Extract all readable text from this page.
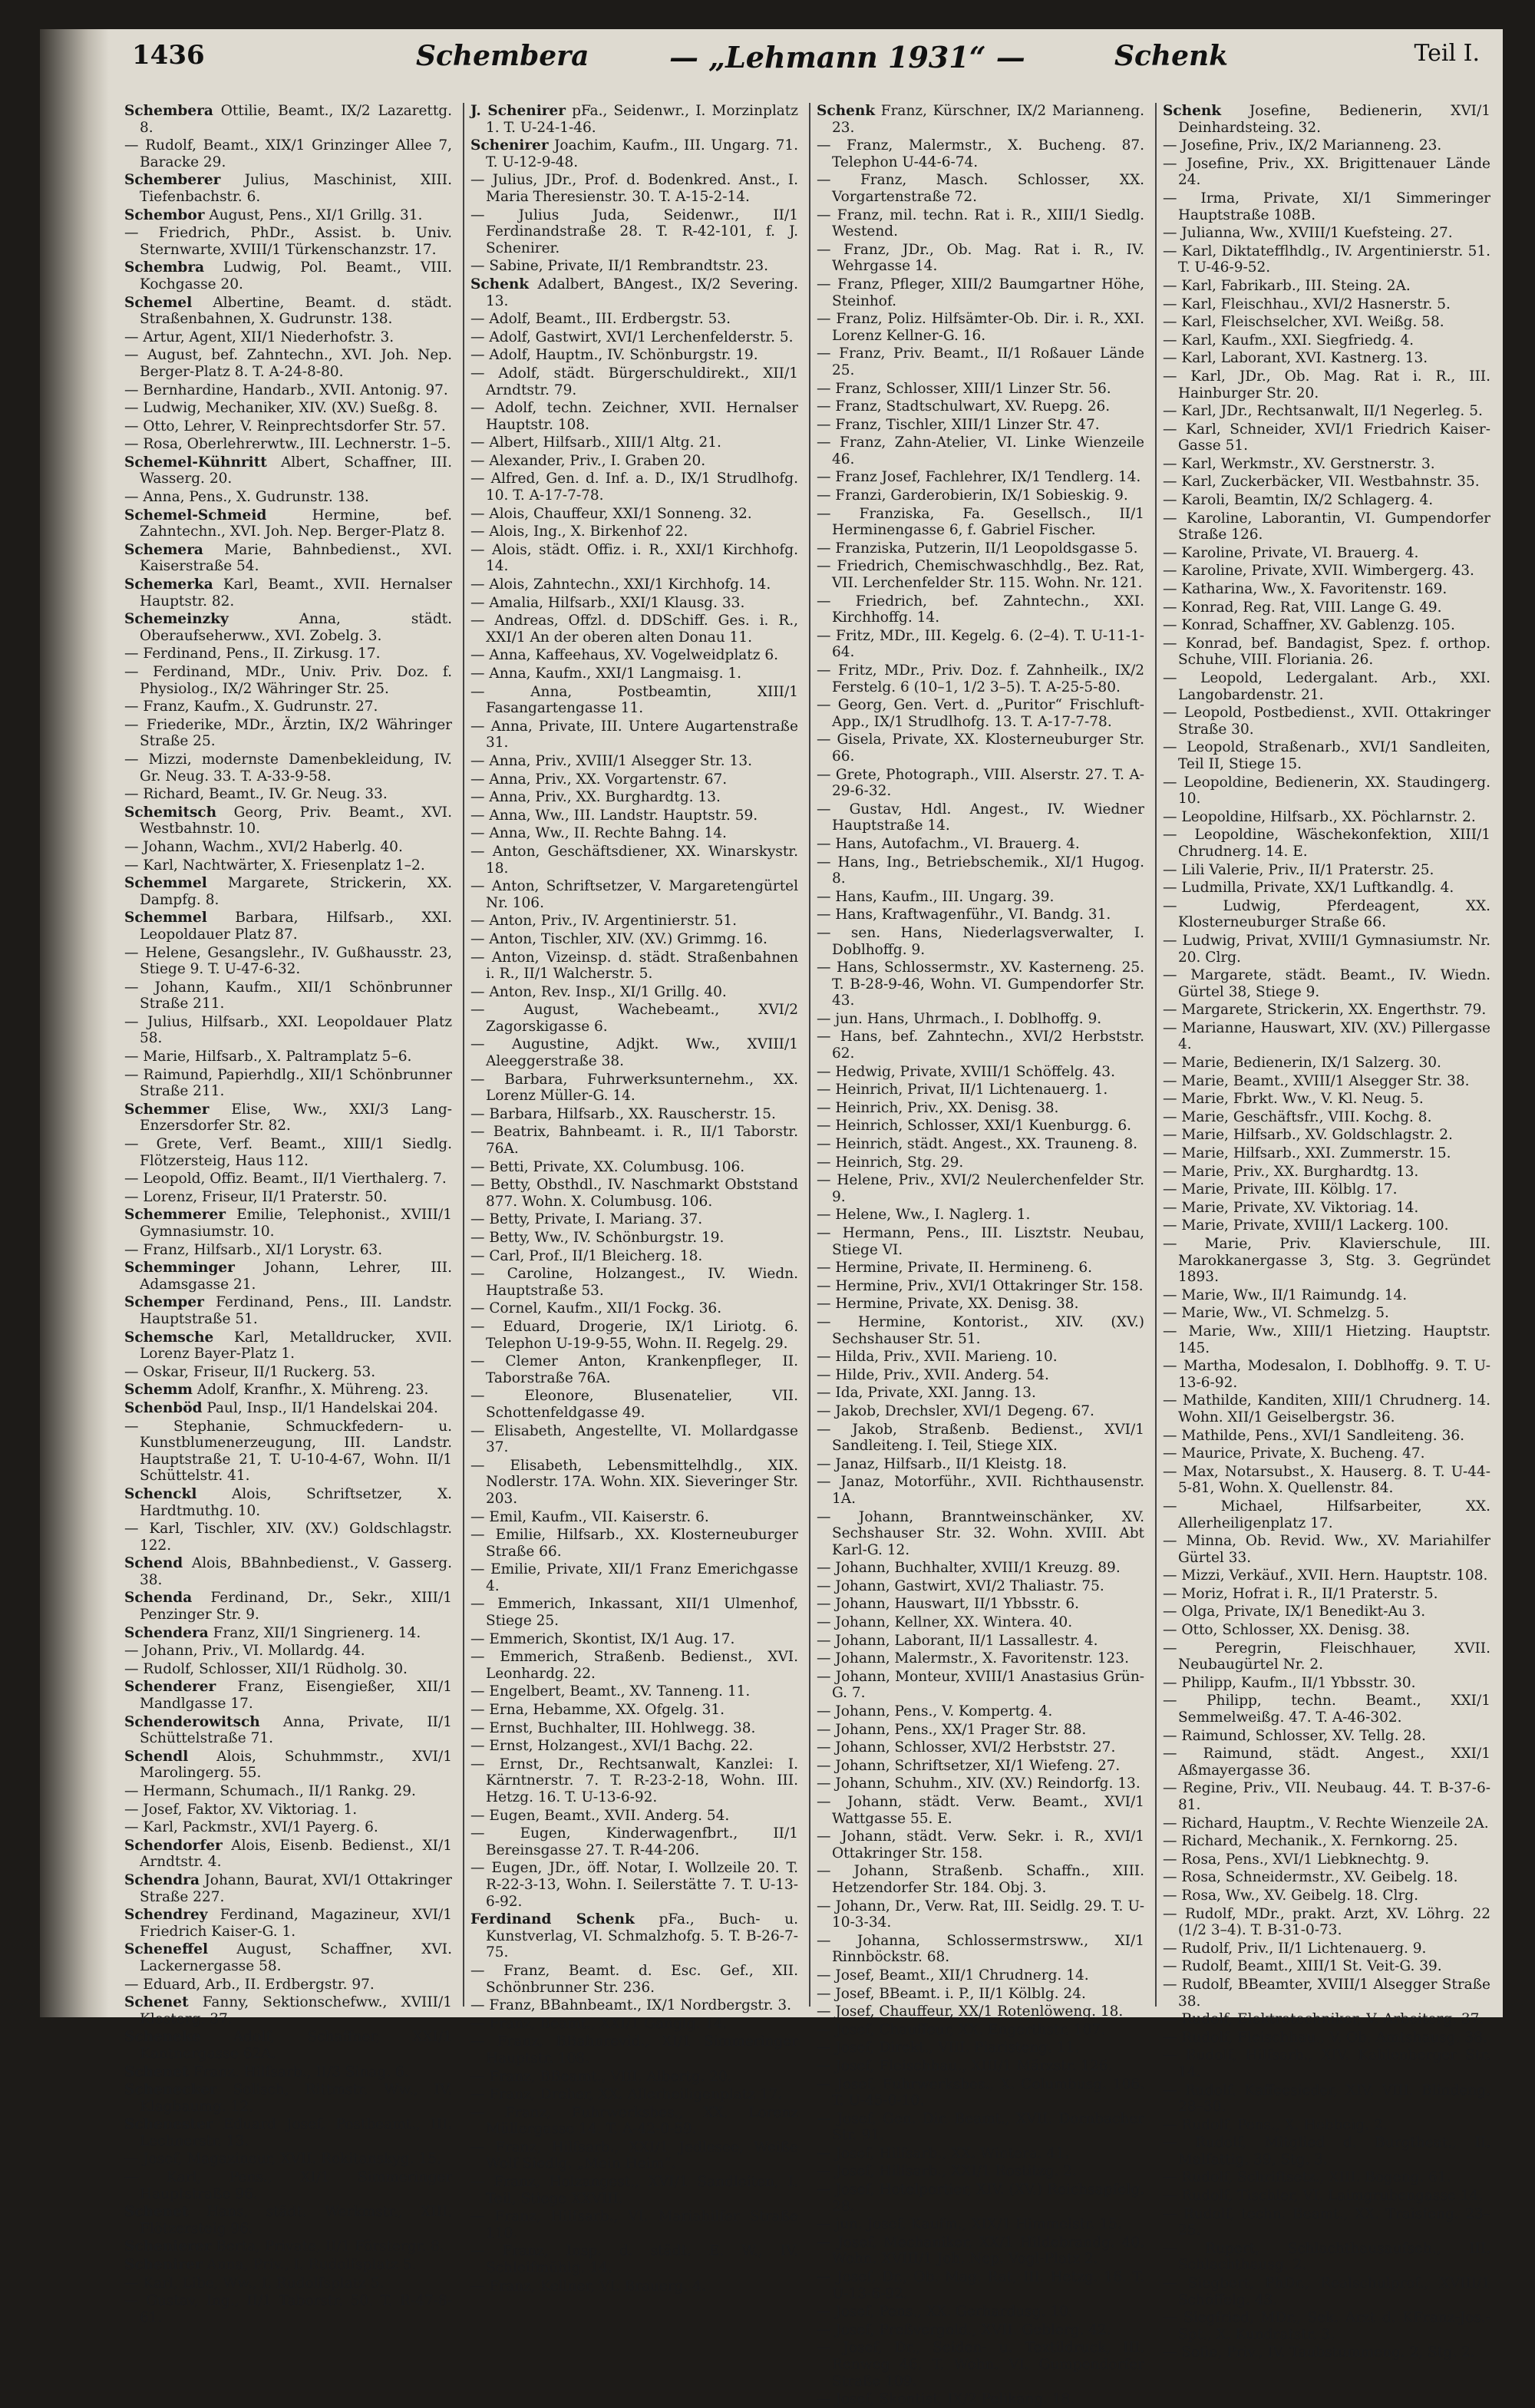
1436	Schembera	— „Lehmann 1931“ —	Schenk	Teil I.
Schembera Ottilie, Beamt., IX/2 Lazarettg. 8.
— Rudolf, Beamt., XIX/1 Grinzinger Allee 7, Baracke 29.
Schemberer Julius, Maschinist, XIII. Tiefenbachstr. 6.
Schembor August, Pens., XI/1 Grillg. 31.
— Friedrich, PhDr., Assist. b. Univ. Sternwarte, XVIII/1 Türkenschanzstr. 17.
Schembra Ludwig, Pol. Beamt., VIII. Kochgasse 20.
Schemel Albertine, Beamt. d. städt. Straßenbahnen, X. Gudrunstr. 138.
— Artur, Agent, XII/1 Niederhofstr. 3.
— August, bef. Zahntechn., XVI. Joh. Nep. Berger-Platz 8. T. A-24-8-80.
— Bernhardine, Handarb., XVII. Antonig. 97.
— Ludwig, Mechaniker, XIV. (XV.) Sueßg. 8.
— Otto, Lehrer, V. Reinprechtsdorfer Str. 57.
— Rosa, Oberlehrerwtw., III. Lechnerstr. 1–5.
Schemel-Kühnritt Albert, Schaffner, III. Wasserg. 20.
— Anna, Pens., X. Gudrunstr. 138.
Schemel-Schmeid	Hermine, bef. Zahntechn., XVI. Joh. Nep. Berger-Platz 8.
Schemera Marie, Bahnbedienst., XVI. Kaiserstraße 54.
Schemerka Karl, Beamt., XVII. Hernalser Hauptstr. 82.
Schemeinzky	Anna, städt. Oberaufseherww., XVI. Zobelg. 3.
— Ferdinand, Pens., II. Zirkusg. 17.
— Ferdinand, MDr., Univ. Priv. Doz. f. Physiolog., IX/2 Währinger Str. 25.
— Franz, Kaufm., X. Gudrunstr. 27.
— Friederike, MDr., Ärztin, IX/2 Währinger Straße 25.
— Mizzi, modernste Damenbekleidung, IV. Gr. Neug. 33. T. A-33-9-58.
— Richard, Beamt., IV. Gr. Neug. 33.
Schemitsch Georg, Priv. Beamt., XVI. Westbahnstr. 10.
— Johann, Wachm., XVI/2 Haberlg. 40.
— Karl, Nachtwärter, X. Friesenplatz 1–2.
Schemmel Margarete, Strickerin, XX. Dampfg. 8.
Schemmel Barbara, Hilfsarb., XXI. Leopoldauer Platz 87.
— Helene, Gesangslehr., IV. Gußhausstr. 23, Stiege 9. T. U-47-6-32.
— Johann, Kaufm., XII/1 Schönbrunner Straße 211.
— Julius, Hilfsarb., XXI. Leopoldauer Platz 58.
— Marie, Hilfsarb., X. Paltramplatz 5–6.
— Raimund, Papierhdlg., XII/1 Schönbrunner Straße 211.
Schemmer Elise, Ww., XXI/3 Lang-Enzersdorfer Str. 82.
— Grete, Verf. Beamt., XIII/1 Siedlg. Flötzersteig, Haus 112.
— Leopold, Offiz. Beamt., II/1 Vierthalerg. 7.
— Lorenz, Friseur, II/1 Praterstr. 50.
Schemmerer Emilie, Telephonist., XVIII/1 Gymnasiumstr. 10.
— Franz, Hilfsarb., XI/1 Lorystr. 63.
Schemminger Johann, Lehrer, III. Adamsgasse 21.
Schemper Ferdinand, Pens., III. Landstr. Hauptstraße 51.
Schemsche Karl, Metalldrucker, XVII. Lorenz Bayer-Platz 1.
— Oskar, Friseur, II/1 Ruckerg. 53.
Schemm Adolf, Kranfhr., X. Mühreng. 23.
Schenböd Paul, Insp., II/1 Handelskai 204.
— Stephanie, Schmuckfedern- u. Kunstblumenerzeugung, III. Landstr. Hauptstraße 21, T. U-10-4-67, Wohn. II/1 Schüttelstr. 41.
Schenckl Alois, Schriftsetzer, X. Hardtmuthg. 10.
— Karl, Tischler, XIV. (XV.) Goldschlagstr. 122.
Schend Alois, BBahnbedienst., V. Gasserg. 38.
Schenda Ferdinand, Dr., Sekr., XIII/1 Penzinger Str. 9.
Schendera Franz, XII/1 Singrienerg. 14.
— Johann, Priv., VI. Mollardg. 44.
— Rudolf, Schlosser, XII/1 Rüdholg. 30.
Schenderer Franz, Eisengießer, XII/1 Mandlgasse 17.
Schenderowitsch Anna, Private, II/1 Schüttelstraße 71.
Schendl Alois, Schuhmmstr., XVI/1 Marolingerg. 55.
— Hermann, Schumach., II/1 Rankg. 29.
— Josef, Faktor, XV. Viktoriag. 1.
— Karl, Packmstr., XVI/1 Payerg. 6.
Schendorfer Alois, Eisenb. Bedienst., XI/1 Arndtstr. 4.
Schendra Johann, Baurat, XVI/1 Ottakringer Straße 227.
Schendrey Ferdinand, Magazineur, XVI/1 Friedrich Kaiser-G. 1.
Scheneffel August, Schaffner, XVI. Lackernergasse 58.
— Eduard, Arb., II. Erdbergstr. 97.
Schenet Fanny, Sektionschefww., XVIII/1 Klosterg. 37.
Scheneke Adolf, Schaffner, XXI/1 Kantnergasse 62A.
Schenet Franz, Hilfsarb., II/3 Sinag. 6.
Schenecker Solisch, Rittmstr. Ww., IV. Klagbaumg. 12.
Schenester Eduard Josef, Postbeamt., III. Lechnerstr. 13.
— Josef, Magazineur, XVII. Rokitanskyg. 15.
— Karl, Pens., XI/1 Simmeringer Hauptstraße 96.
Schenet Hans, städt. Werkmstr., XIII. Flötzersteig 96.
Schenierer Berta, Private, II/1 Förstergr. 8.
Schenirer Anna, Priv., I. Rudolfsplatz 5.
— Karl, Libe, Ww., I. Rudolfsplatz 5.
— Gustav, Ing., II/1 Taborstr. 50. T. R-47-8-61.
J. Schenirer pFa., Seidenwr., I. Morzinplatz 1. T. U-24-1-46.
Schenirer Joachim, Kaufm., III. Ungarg. 71. T. U-12-9-48.
— Julius, JDr., Prof. d. Bodenkred. Anst., I. Maria Theresienstr. 30. T. A-15-2-14.
— Julius Juda, Seidenwr., II/1 Ferdinandstraße 28. T. R-42-101, f. J. Schenirer.
— Sabine, Private, II/1 Rembrandtstr. 23.
Schenk Adalbert, BAngest., IX/2 Severing. 13.
— Adolf, Beamt., III. Erdbergstr. 53.
— Adolf, Gastwirt, XVI/1 Lerchenfelderstr. 5.
— Adolf, Hauptm., IV. Schönburgstr. 19.
— Adolf, städt. Bürgerschuldirekt., XII/1 Arndtstr. 79.
— Adolf, techn. Zeichner, XVII. Hernalser Hauptstr. 108.
— Albert, Hilfsarb., XIII/1 Altg. 21.
— Alexander, Priv., I. Graben 20.
— Alfred, Gen. d. Inf. a. D., IX/1 Strudlhofg. 10. T. A-17-7-78.
— Alois, Chauffeur, XXI/1 Sonneng. 32.
— Alois, Ing., X. Birkenhof 22.
— Alois, städt. Offiz. i. R., XXI/1 Kirchhofg. 14.
— Alois, Zahntechn., XXI/1 Kirchhofg. 14.
— Amalia, Hilfsarb., XXI/1 Klausg. 33.
— Andreas, Offzl. d. DDSchiff. Ges. i. R., XXI/1 An der oberen alten Donau 11.
— Anna, Kaffeehaus, XV. Vogelweidplatz 6.
— Anna, Kaufm., XXI/1 Langmaisg. 1.
— Anna, Postbeamtin, XIII/1 Fasangartengasse 11.
— Anna, Private, III. Untere Augartenstraße 31.
— Anna, Priv., XVIII/1 Alsegger Str. 13.
— Anna, Priv., XX. Vorgartenstr. 67.
— Anna, Priv., XX. Burghardtg. 13.
— Anna, Ww., III. Landstr. Hauptstr. 59.
— Anna, Ww., II. Rechte Bahng. 14.
— Anton, Geschäftsdiener, XX. Winarskystr. 18.
— Anton, Schriftsetzer, V. Margaretengürtel Nr. 106.
— Anton, Priv., IV. Argentinierstr. 51.
— Anton, Tischler, XIV. (XV.) Grimmg. 16.
— Anton, Vizeinsp. d. städt. Straßenbahnen i. R., II/1 Walcherstr. 5.
— Anton, Rev. Insp., XI/1 Grillg. 40.
— August, Wachebeamt., XVI/2 Zagorskigasse 6.
— Augustine, Adjkt. Ww., XVIII/1 Aleeggerstraße 38.
— Barbara, Fuhrwerksunternehm., XX. Lorenz Müller-G. 14.
— Barbara, Hilfsarb., XX. Rauscherstr. 15.
— Beatrix, Bahnbeamt. i. R., II/1 Taborstr. 76A.
— Betti, Private, XX. Columbusg. 106.
— Betty, Obsthdl., IV. Naschmarkt Obststand 877. Wohn. X. Columbusg. 106.
— Betty, Private, I. Mariang. 37.
— Betty, Ww., IV. Schönburgstr. 19.
— Carl, Prof., II/1 Bleicherg. 18.
— Caroline, Holzangest., IV. Wiedn. Hauptstraße 53.
— Cornel, Kaufm., XII/1 Fockg. 36.
— Eduard, Drogerie, IX/1 Liriotg. 6. Telephon U-19-9-55, Wohn. II. Regelg. 29.
— Clemer Anton, Krankenpfleger, II. Taborstraße 76A.
— Eleonore, Blusenatelier, VII. Schottenfeldgasse 49.
— Elisabeth, Angestellte, VI. Mollardgasse 37.
— Elisabeth, Lebensmittelhdlg., XIX. Nodlerstr. 17A. Wohn. XIX. Sieveringer Str. 203.
— Emil, Kaufm., VII. Kaiserstr. 6.
— Emilie, Hilfsarb., XX. Klosterneuburger Straße 66.
— Emilie, Private, XII/1 Franz Emerichgasse 4.
— Emmerich, Inkassant, XII/1 Ulmenhof, Stiege 25.
— Emmerich, Skontist, IX/1 Aug. 17.
— Emmerich, Straßenb. Bedienst., XVI. Leonhardg. 22.
— Engelbert, Beamt., XV. Tanneng. 11.
— Erna, Hebamme, XX. Ofgelg. 31.
— Ernst, Buchhalter, III. Hohlwegg. 38.
— Ernst, Holzangest., XVI/1 Bachg. 22.
— Ernst, Dr., Rechtsanwalt, Kanzlei: I. Kärntnerstr. 7. T. R-23-2-18, Wohn. III. Hetzg. 16. T. U-13-6-92.
— Eugen, Beamt., XVII. Anderg. 54.
— Eugen, Kinderwagenfbrt., II/1 Bereinsgasse 27. T. R-44-206.
— Eugen, JDr., öff. Notar, I. Wollzeile 20. T. R-22-3-13, Wohn. I. Seilerstätte 7. T. U-13-6-92.
Ferdinand Schenk pFa., Buch- u. Kunstverlag, VI. Schmalzhofg. 5. T. B-26-7-75.
— Franz, Beamt. d. Esc. Gef., XII. Schönbrunner Str. 236.
— Franz, BBahnbeamt., IX/1 Nordbergstr. 3.
— Franz, Beamt., XXI/1 Ganglg. 14.
— Franz, BBahnrevid., XI/1 Simmeringer Hauptstr. 108.
— Franz, BBeamt., VIII. Albertg. 20.
— Franz, Dreher, XX. Allerheiligenplatz 17.
— Franz, Fuhrwerksbes., XX. Lorenz Müllergasse 14. T. A-42-0-59.
— Franz, Hilfsarb., XXI/1 Jedlesee, Weiße Wolf Siedlg. „Mein Heim“.
— Franz, Holzangest., XVI/1 Sandleiten, I. Teil, Stiege XXVIII.
— Franz, Hilfsarb., VI. Mariahilfer Straße 110.
— Franz, Insp. d. städt. E. W., IV. Schleifmühlg. 14.
— Franz, Kellner, VI. Brauerg. 4.
Schenk Franz, Kürschner, IX/2 Marianneng. 23.
— Franz, Malermstr., X. Bucheng. 87. Telephon U-44-6-74.
— Franz, Masch. Schlosser, XX. Vorgartenstraße 72.
— Franz, mil. techn. Rat i. R., XIII/1 Siedlg. Westend.
— Franz, JDr., Ob. Mag. Rat i. R., IV. Wehrgasse 14.
— Franz, Pfleger, XIII/2 Baumgartner Höhe, Steinhof.
— Franz, Poliz. Hilfsämter-Ob. Dir. i. R., XXI. Lorenz Kellner-G. 16.
— Franz, Priv. Beamt., II/1 Roßauer Lände 25.
— Franz, Schlosser, XIII/1 Linzer Str. 56.
— Franz, Stadtschulwart, XV. Ruepg. 26.
— Franz, Tischler, XIII/1 Linzer Str. 47.
— Franz, Zahn-Atelier, VI. Linke Wienzeile 46.
— Franz Josef, Fachlehrer, IX/1 Tendlerg. 14.
— Franzi, Garderobierin, IX/1 Sobieskig. 9.
— Franziska, Fa. Gesellsch., II/1 Herminengasse 6, f. Gabriel Fischer.
— Franziska, Putzerin, II/1 Leopoldsgasse 5.
— Friedrich, Chemischwaschhdlg., Bez. Rat, VII. Lerchenfelder Str. 115. Wohn. Nr. 121.
— Friedrich, bef. Zahntechn., XXI. Kirchhoffg. 14.
— Fritz, MDr., III. Kegelg. 6. (2–4). T. U-11-1-64.
— Fritz, MDr., Priv. Doz. f. Zahnheilk., IX/2 Ferstelg. 6 (10–1, 1/2 3–5). T. A-25-5-80.
— Georg, Gen. Vert. d. „Puritor“ Frischluft-App., IX/1 Strudlhofg. 13. T. A-17-7-78.
— Gisela, Private, XX. Klosterneuburger Str. 66.
— Grete, Photograph., VIII. Alserstr. 27. T. A-29-6-32.
— Gustav, Hdl. Angest., IV. Wiedner Hauptstraße 14.
— Hans, Autofachm., VI. Brauerg. 4.
— Hans, Ing., Betriebschemik., XI/1 Hugog. 8.
— Hans, Kaufm., III. Ungarg. 39.
— Hans, Kraftwagenführ., VI. Bandg. 31.
— sen. Hans, Niederlagsverwalter, I. Doblhoffg. 9.
— Hans, Schlossermstr., XV. Kasterneng. 25. T. B-28-9-46, Wohn. VI. Gumpendorfer Str. 43.
— jun. Hans, Uhrmach., I. Doblhoffg. 9.
— Hans, bef. Zahntechn., XVI/2 Herbststr. 62.
— Hedwig, Private, XVIII/1 Schöffelg. 43.
— Heinrich, Privat, II/1 Lichtenauerg. 1.
— Heinrich, Priv., XX. Denisg. 38.
— Heinrich, Schlosser, XXI/1 Kuenburgg. 6.
— Heinrich, städt. Angest., XX. Trauneng. 8.
— Heinrich, Stg. 29.
— Helene, Priv., XVI/2 Neulerchenfelder Str. 9.
— Helene, Ww., I. Naglerg. 1.
— Hermann, Pens., III. Lisztstr. Neubau, Stiege VI.
— Hermine, Private, II. Hermineng. 6.
— Hermine, Priv., XVI/1 Ottakringer Str. 158.
— Hermine, Private, XX. Denisg. 38.
— Hermine, Kontorist., XIV. (XV.) Sechshauser Str. 51.
— Hilda, Priv., XVII. Marieng. 10.
— Hilde, Priv., XVII. Anderg. 54.
— Ida, Private, XXI. Janng. 13.
— Jakob, Drechsler, XVI/1 Degeng. 67.
— Jakob, Straßenb. Bedienst., XVI/1 Sandleiteng. I. Teil, Stiege XIX.
— Janaz, Hilfsarb., II/1 Kleistg. 18.
— Janaz, Motorführ., XVII. Richthausenstr. 1A.
— Johann, Branntweinschänker, XV. Sechshauser Str. 32. Wohn. XVIII. Abt Karl-G. 12.
— Johann, Buchhalter, XVIII/1 Kreuzg. 89.
— Johann, Gastwirt, XVI/2 Thaliastr. 75.
— Johann, Hauswart, II/1 Ybbsstr. 6.
— Johann, Kellner, XX. Wintera. 40.
— Johann, Laborant, II/1 Lassallestr. 4.
— Johann, Malermstr., X. Favoritenstr. 123.
— Johann, Monteur, XVIII/1 Anastasius Grün-G. 7.
— Johann, Pens., V. Kompertg. 4.
— Johann, Pens., XX/1 Prager Str. 88.
— Johann, Schlosser, XVI/2 Herbststr. 27.
— Johann, Schriftsetzer, XI/1 Wiefeng. 27.
— Johann, Schuhm., XIV. (XV.) Reindorfg. 13.
— Johann, städt. Verw. Beamt., XVI/1 Wattgasse 55. E.
— Johann, städt. Verw. Sekr. i. R., XVI/1 Ottakringer Str. 158.
— Johann, Straßenb. Schaffn., XIII. Hetzendorfer Str. 184. Obj. 3.
— Johann, Dr., Verw. Rat, III. Seidlg. 29. T. U-10-3-34.
— Johanna, Schlossermstrsww., XI/1 Rinnböckstr. 68.
— Josef, Beamt., XII/1 Chrudnerg. 14.
— Josef, BBeamt. i. P., II/1 Kölblg. 24.
— Josef, Chauffeur, XX/1 Rotenlöweng. 18.
— Josef, Chauffeur, XX. Engerthstr. 107.
— Josef, Direkt., VIII. Piaristeng. 11.
— Josef, Fleischhau., XIII/1 Märzstr. 126.
— Josef, Fuhrwerksbes., X. Columbusg. 106. T. U-45-0-10.
— Josef, Gen. Dir. Beamt., XVII. Dornbacher Str. 91.
— Josef, Hilfsarb., XX. Wintera. 41.
— Josef, Hilfsarb., XXI/1 Rostitzg. 2.
— Josef, Hotelportier, XIV. (XV.) Reichsapfelg. 28.
— jun. Josef, Kaufm., XIX/1 Himmelstr. 15.
— Josef, Mechaniker, XX/1 Hildebrandg. 40. Wohn. XVIII/1 Joh. Nep. Vogl-Platz 2.
— Josef, Dr., Ob. Mag. Rat, III. Hetzg. 16. T. U-13-6-92.
— Josef, Pens., XX. Gerhardusg. 10.
— Josef, Preßvergold., XVII. Geblerg. 42.
— Josef, Dr., Seiden- u. Textildruck, III. Renweg 46. T. Wohn. VI. Gumpendorfer Straße 109.
— Josef, Skontist, IX/2 Pelikang. 18.
Schenk Josefine, Bedienerin, XVI/1 Deinhardsteing. 32.
— Josefine, Priv., IX/2 Marianneng. 23.
— Josefine, Priv., XX. Brigittenauer Lände 24.
— Irma, Private, XI/1 Simmeringer Hauptstraße 108B.
— Julianna, Ww., XVIII/1 Kuefsteing. 27.
— Karl, Diktatefflhdlg., IV. Argentinierstr. 51. T. U-46-9-52.
— Karl, Fabrikarb., III. Steing. 2A.
— Karl, Fleischhau., XVI/2 Hasnerstr. 5.
— Karl, Fleischselcher, XVI. Weißg. 58.
— Karl, Kaufm., XXI. Siegfriedg. 4.
— Karl, Laborant, XVI. Kastnerg. 13.
— Karl, JDr., Ob. Mag. Rat i. R., III. Hainburger Str. 20.
— Karl, JDr., Rechtsanwalt, II/1 Negerleg. 5.
— Karl, Schneider, XVI/1 Friedrich Kaiser-Gasse 51.
— Karl, Werkmstr., XV. Gerstnerstr. 3.
— Karl, Zuckerbäcker, VII. Westbahnstr. 35.
— Karoli, Beamtin, IX/2 Schlagerg. 4.
— Karoline, Laborantin, VI. Gumpendorfer Straße 126.
— Karoline, Private, VI. Brauerg. 4.
— Karoline, Private, XVII. Wimbergerg. 43.
— Katharina, Ww., X. Favoritenstr. 169.
— Konrad, Reg. Rat, VIII. Lange G. 49.
— Konrad, Schaffner, XV. Gablenzg. 105.
— Konrad, bef. Bandagist, Spez. f. orthop. Schuhe, VIII. Floriania. 26.
— Leopold, Ledergalant. Arb., XXI. Langobardenstr. 21.
— Leopold, Postbedienst., XVII. Ottakringer Straße 30.
— Leopold, Straßenarb., XVI/1 Sandleiten, Teil II, Stiege 15.
— Leopoldine, Bedienerin, XX. Staudingerg. 10.
— Leopoldine, Hilfsarb., XX. Pöchlarnstr. 2.
— Leopoldine, Wäschekonfektion, XIII/1 Chrudnerg. 14. E.
— Lili Valerie, Priv., II/1 Praterstr. 25.
— Ludmilla, Private, XX/1 Luftkandlg. 4.
— Ludwig, Pferdeagent, XX. Klosterneuburger Straße 66.
— Ludwig, Privat, XVIII/1 Gymnasiumstr. Nr. 20. Clrg.
— Margarete, städt. Beamt., IV. Wiedn. Gürtel 38, Stiege 9.
— Margarete, Strickerin, XX. Engerthstr. 79.
— Marianne, Hauswart, XIV. (XV.) Pillergasse 4.
— Marie, Bedienerin, IX/1 Salzerg. 30.
— Marie, Beamt., XVIII/1 Alsegger Str. 38.
— Marie, Fbrkt. Ww., V. Kl. Neug. 5.
— Marie, Geschäftsfr., VIII. Kochg. 8.
— Marie, Hilfsarb., XV. Goldschlagstr. 2.
— Marie, Hilfsarb., XXI. Zummerstr. 15.
— Marie, Priv., XX. Burghardtg. 13.
— Marie, Private, III. Kölblg. 17.
— Marie, Private, XV. Viktoriag. 14.
— Marie, Private, XVIII/1 Lackerg. 100.
— Marie, Priv. Klavierschule, III. Marokkanergasse 3, Stg. 3. Gegründet 1893.
— Marie, Ww., II/1 Raimundg. 14.
— Marie, Ww., VI. Schmelzg. 5.
— Marie, Ww., XIII/1 Hietzing. Hauptstr. 145.
— Martha, Modesalon, I. Doblhoffg. 9. T. U-13-6-92.
— Mathilde, Kanditen, XIII/1 Chrudnerg. 14. Wohn. XII/1 Geiselbergstr. 36.
— Mathilde, Pens., XVI/1 Sandleiteng. 36.
— Maurice, Private, X. Bucheng. 47.
— Max, Notarsubst., X. Hauserg. 8. T. U-44-5-81, Wohn. X. Quellenstr. 84.
— Michael, Hilfsarbeiter, XX. Allerheiligenplatz 17.
— Minna, Ob. Revid. Ww., XV. Mariahilfer Gürtel 33.
— Mizzi, Verkäuf., XVII. Hern. Hauptstr. 108.
— Moriz, Hofrat i. R., II/1 Praterstr. 5.
— Olga, Private, IX/1 Benedikt-Au 3.
— Otto, Schlosser, XX. Denisg. 38.
— Peregrin, Fleischhauer, XVII. Neubaugürtel Nr. 2.
— Philipp, Kaufm., II/1 Ybbsstr. 30.
— Philipp, techn. Beamt., XXI/1 Semmelweißg. 47. T. A-46-302.
— Raimund, Schlosser, XV. Tellg. 28.
— Raimund, städt. Angest., XXI/1 Aßmayergasse 36.
— Regine, Priv., VII. Neubaug. 44. T. B-37-6-81.
— Richard, Hauptm., V. Rechte Wienzeile 2A.
— Richard, Mechanik., X. Fernkorng. 25.
— Rosa, Pens., XVI/1 Liebknechtg. 9.
— Rosa, Schneidermstr., XV. Geibelg. 18.
— Rosa, Ww., XV. Geibelg. 18. Clrg.
— Rudolf, MDr., prakt. Arzt, XV. Löhrg. 22 (1/2 3–4). T. B-31-0-73.
— Rudolf, Priv., II/1 Lichtenauerg. 9.
— Rudolf, Beamt., XIII/1 St. Veit-G. 39.
— Rudolf, BBeamter, XVIII/1 Alsegger Straße 38.
— Rudolf, Elektrotechniker, V. Arbeiterg. 37.
— Rudolf, Fleischhau., V. Ob. Amtshausg. 38.
— Rudolf, Hilfsarb., XIV. Kahlenberger Str. 14.
— Rudolf, Kaffeesieder, XIV. VIII. Blindeng. 28–30.
— Rudolf, Pens., X. Hebbeig. 2.
— Rudolf, Mitglied d. Burgtheat., II. Malfattig. 39, Stg. 3.
— Rudolf, Schriftsetz., XIII. Bogeng. 61.
— Rudolf, Tischler, VI. Laimgrubengasse 14.
— Rudolf, techn. Beamt., XX. Traisfeng. 23–25.
— Rupert, Schlachthausaufseh., III. Schlachthausg. 2.
— Siegbert, PhDr., Realschulprof., XVIII/1 Schöffelg. 43.
— Siegfried, MDr., Sek. Arzt d. KFranz-Jos.-Spt., X. Kundratstr. 3.
— Sofie, Priv., IV. Taubstummeng. 2, Stg. 2.
